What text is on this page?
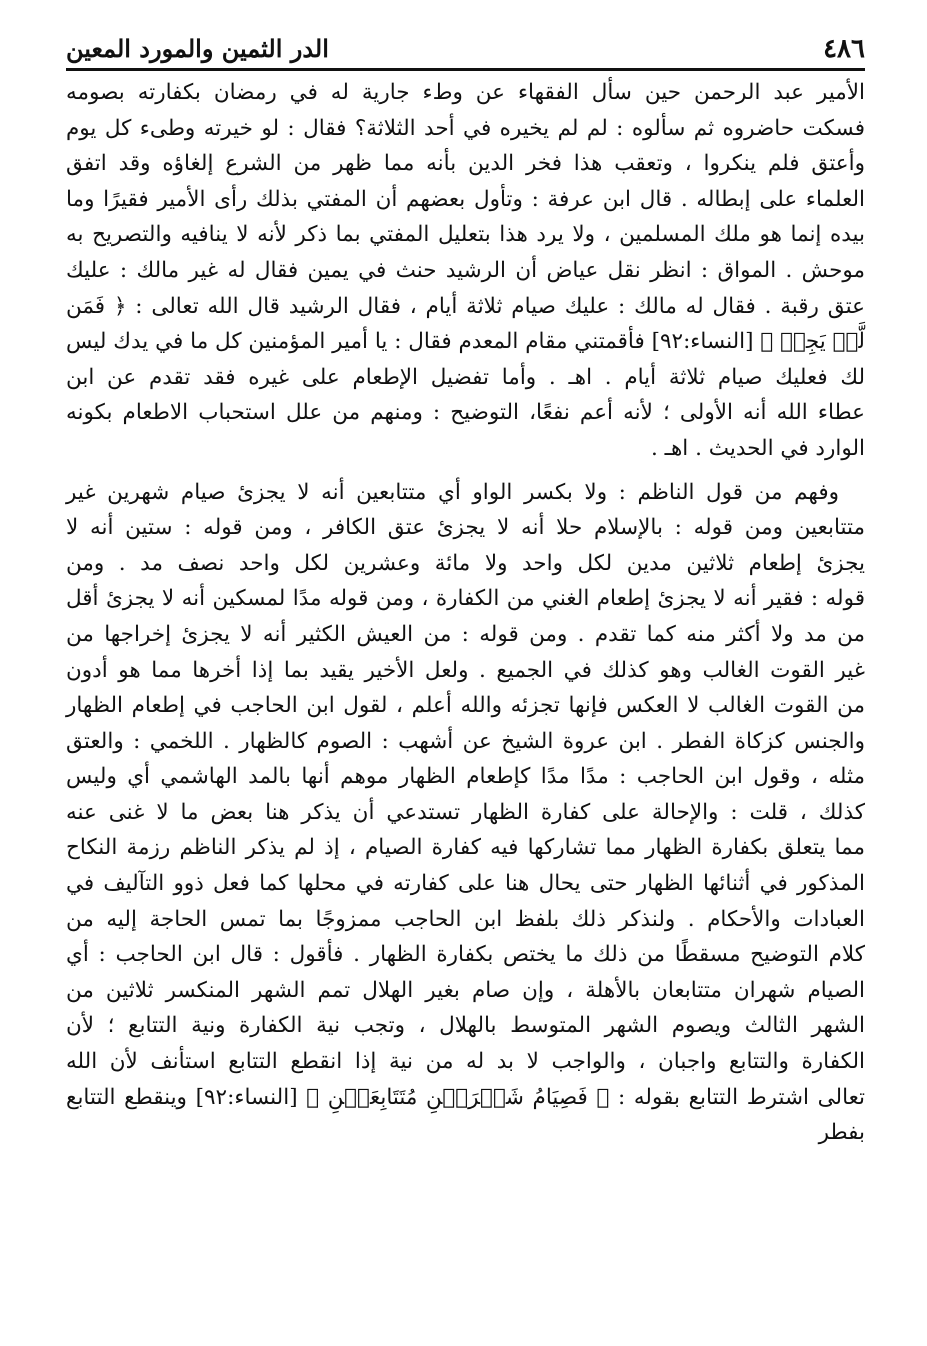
٤٨٦
الدر الثمين والمورد المعين

الأمير عبد الرحمن حين سأل الفقهاء عن وطء جارية له في رمضان بكفارته بصومه

فسكت حاضروه ثم سألوه : لم لم يخيره في أحد الثلاثة؟ فقال : لو خيرته وطىء كل يوم

وأعتق فلم ينكروا ، وتعقب هذا فخر الدين بأنه مما ظهر من الشرع إلغاؤه وقد اتفق

العلماء على إبطاله . قال ابن عرفة : وتأول بعضهم أن المفتي بذلك رأى الأمير فقيرًا وما

بيده إنما هو ملك المسلمين ، ولا يرد هذا بتعليل المفتي بما ذكر لأنه لا ينافيه والتصريح به

موحش . المواق : انظر نقل عياض أن الرشيد حنث في يمين فقال له غير مالك : عليك

عتق رقبة . فقال له مالك : عليك صيام ثلاثة أيام ، فقال الرشيد قال الله تعالى : ﴿ فَمَن

لَّمۡ يَجِدۡ ﴾ [النساء:٩٢] فأقمتني مقام المعدم فقال : يا أمير المؤمنين كل ما في يدك ليس

لك فعليك صيام ثلاثة أيام . اهـ . وأما تفضيل الإطعام على غيره فقد تقدم عن ابن

عطاء الله أنه الأولى ؛ لأنه أعم نفعًا، التوضيح : ومنهم من علل استحباب الاطعام بكونه

الوارد في الحديث . اهـ .

وفهم من قول الناظم : ولا بكسر الواو أي متتابعين أنه لا يجزئ صيام شهرين غير

متتابعين ومن قوله : بالإسلام حلا أنه لا يجزئ عتق الكافر ، ومن قوله : ستين أنه لا

يجزئ إطعام ثلاثين مدين لكل واحد ولا مائة وعشرين لكل واحد نصف مد . ومن

قوله : فقير أنه لا يجزئ إطعام الغني من الكفارة ، ومن قوله مدًا لمسكين أنه لا يجزئ أقل

من مد ولا أكثر منه كما تقدم . ومن قوله : من العيش الكثير أنه لا يجزئ إخراجها من

غير القوت الغالب وهو كذلك في الجميع . ولعل الأخير يقيد بما إذا أخرها مما هو أدون

من القوت الغالب لا العكس فإنها تجزئه والله أعلم ، لقول ابن الحاجب في إطعام الظهار

والجنس كزكاة الفطر . ابن عروة الشيخ عن أشهب : الصوم كالظهار . اللخمي : والعتق

مثله ، وقول ابن الحاجب : مدًا مدًا كإطعام الظهار موهم أنها بالمد الهاشمي أي وليس

كذلك ، قلت : والإحالة على كفارة الظهار تستدعي أن يذكر هنا بعض ما لا غنى عنه

مما يتعلق بكفارة الظهار مما تشاركها فيه كفارة الصيام ، إذ لم يذكر الناظم رزمة النكاح

المذكور في أثنائها الظهار حتى يحال هنا على كفارته في محلها كما فعل ذوو التآليف في

العبادات والأحكام . ولنذكر ذلك بلفظ ابن الحاجب ممزوجًا بما تمس الحاجة إليه من

كلام التوضيح مسقطًا من ذلك ما يختص بكفارة الظهار . فأقول : قال ابن الحاجب : أي

الصيام شهران متتابعان بالأهلة ، وإن صام بغير الهلال تمم الشهر المنكسر ثلاثين من

الشهر الثالث ويصوم الشهر المتوسط بالهلال ، وتجب نية الكفارة ونية التتابع ؛ لأن

الكفارة والتتابع واجبان ، والواجب لا بد له من نية إذا انقطع التتابع استأنف لأن الله

تعالى اشترط التتابع بقوله : ﴿ فَصِيَامُ شَهۡرَيۡنِ مُتَتَابِعَيۡنِ ﴾ [النساء:٩٢] وينقطع التتابع بفطر
